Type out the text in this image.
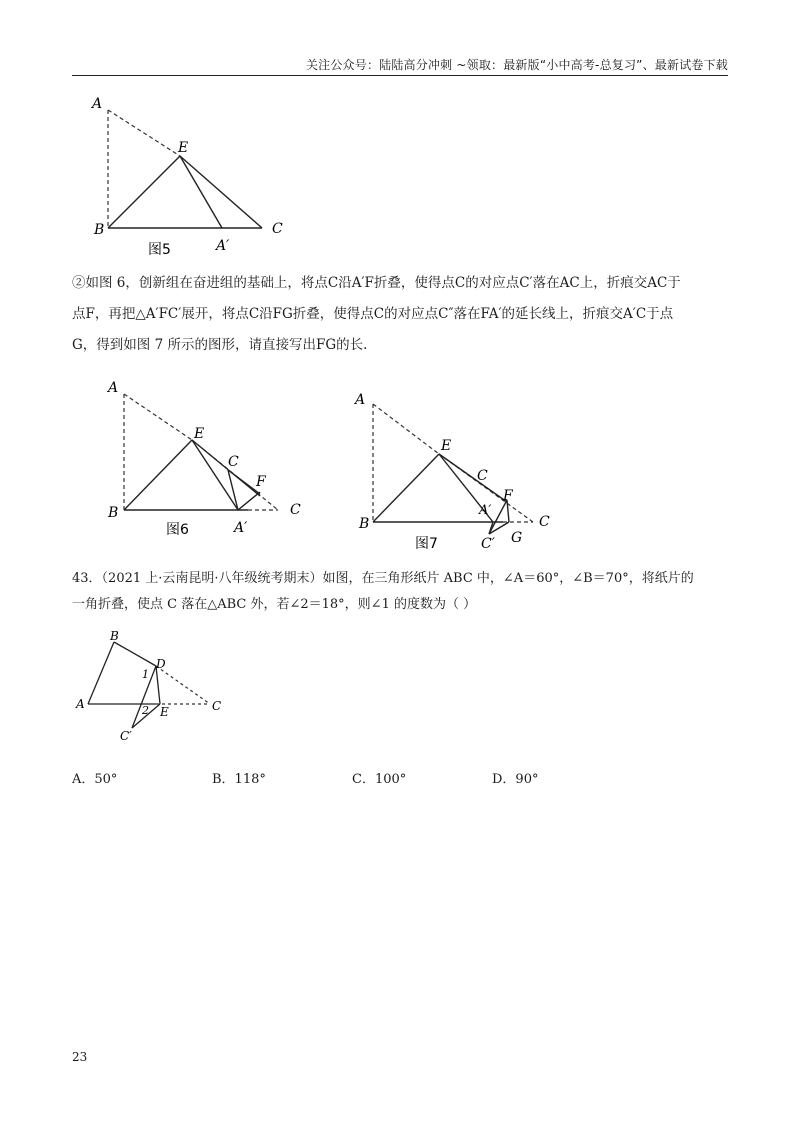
关注公众号：陆陆高分冲刺 ~领取：最新版“小中高考-总复习”、最新试卷下载
A
E
B
A′
C
图5
②如图 6，创新组在奋进组的基础上，将点C沿A′F折叠，使得点C的对应点C′落在AC上，折痕交AC于
点F，再把△A′FC′展开，将点C沿FG折叠，使得点C的对应点C″落在FA′的延长线上，折痕交A′C于点
G，得到如图 7 所示的图形，请直接写出FG的长.
A
E
C
F
B
A′
C
图6
A
E
C
F
A′
B	C
C′ G
图7
43．（2021 上·云南昆明·八年级统考期末）如图，在三角形纸片 ABC 中，∠A＝60°，∠B＝70°，将纸片的
一角折叠，使点 C 落在△ABC 外，若∠2＝18°，则∠1 的度数为（ ）
B
D
1
A	2 E	C
C′
A．50°	B．118°	C．100°	D．90°
23
